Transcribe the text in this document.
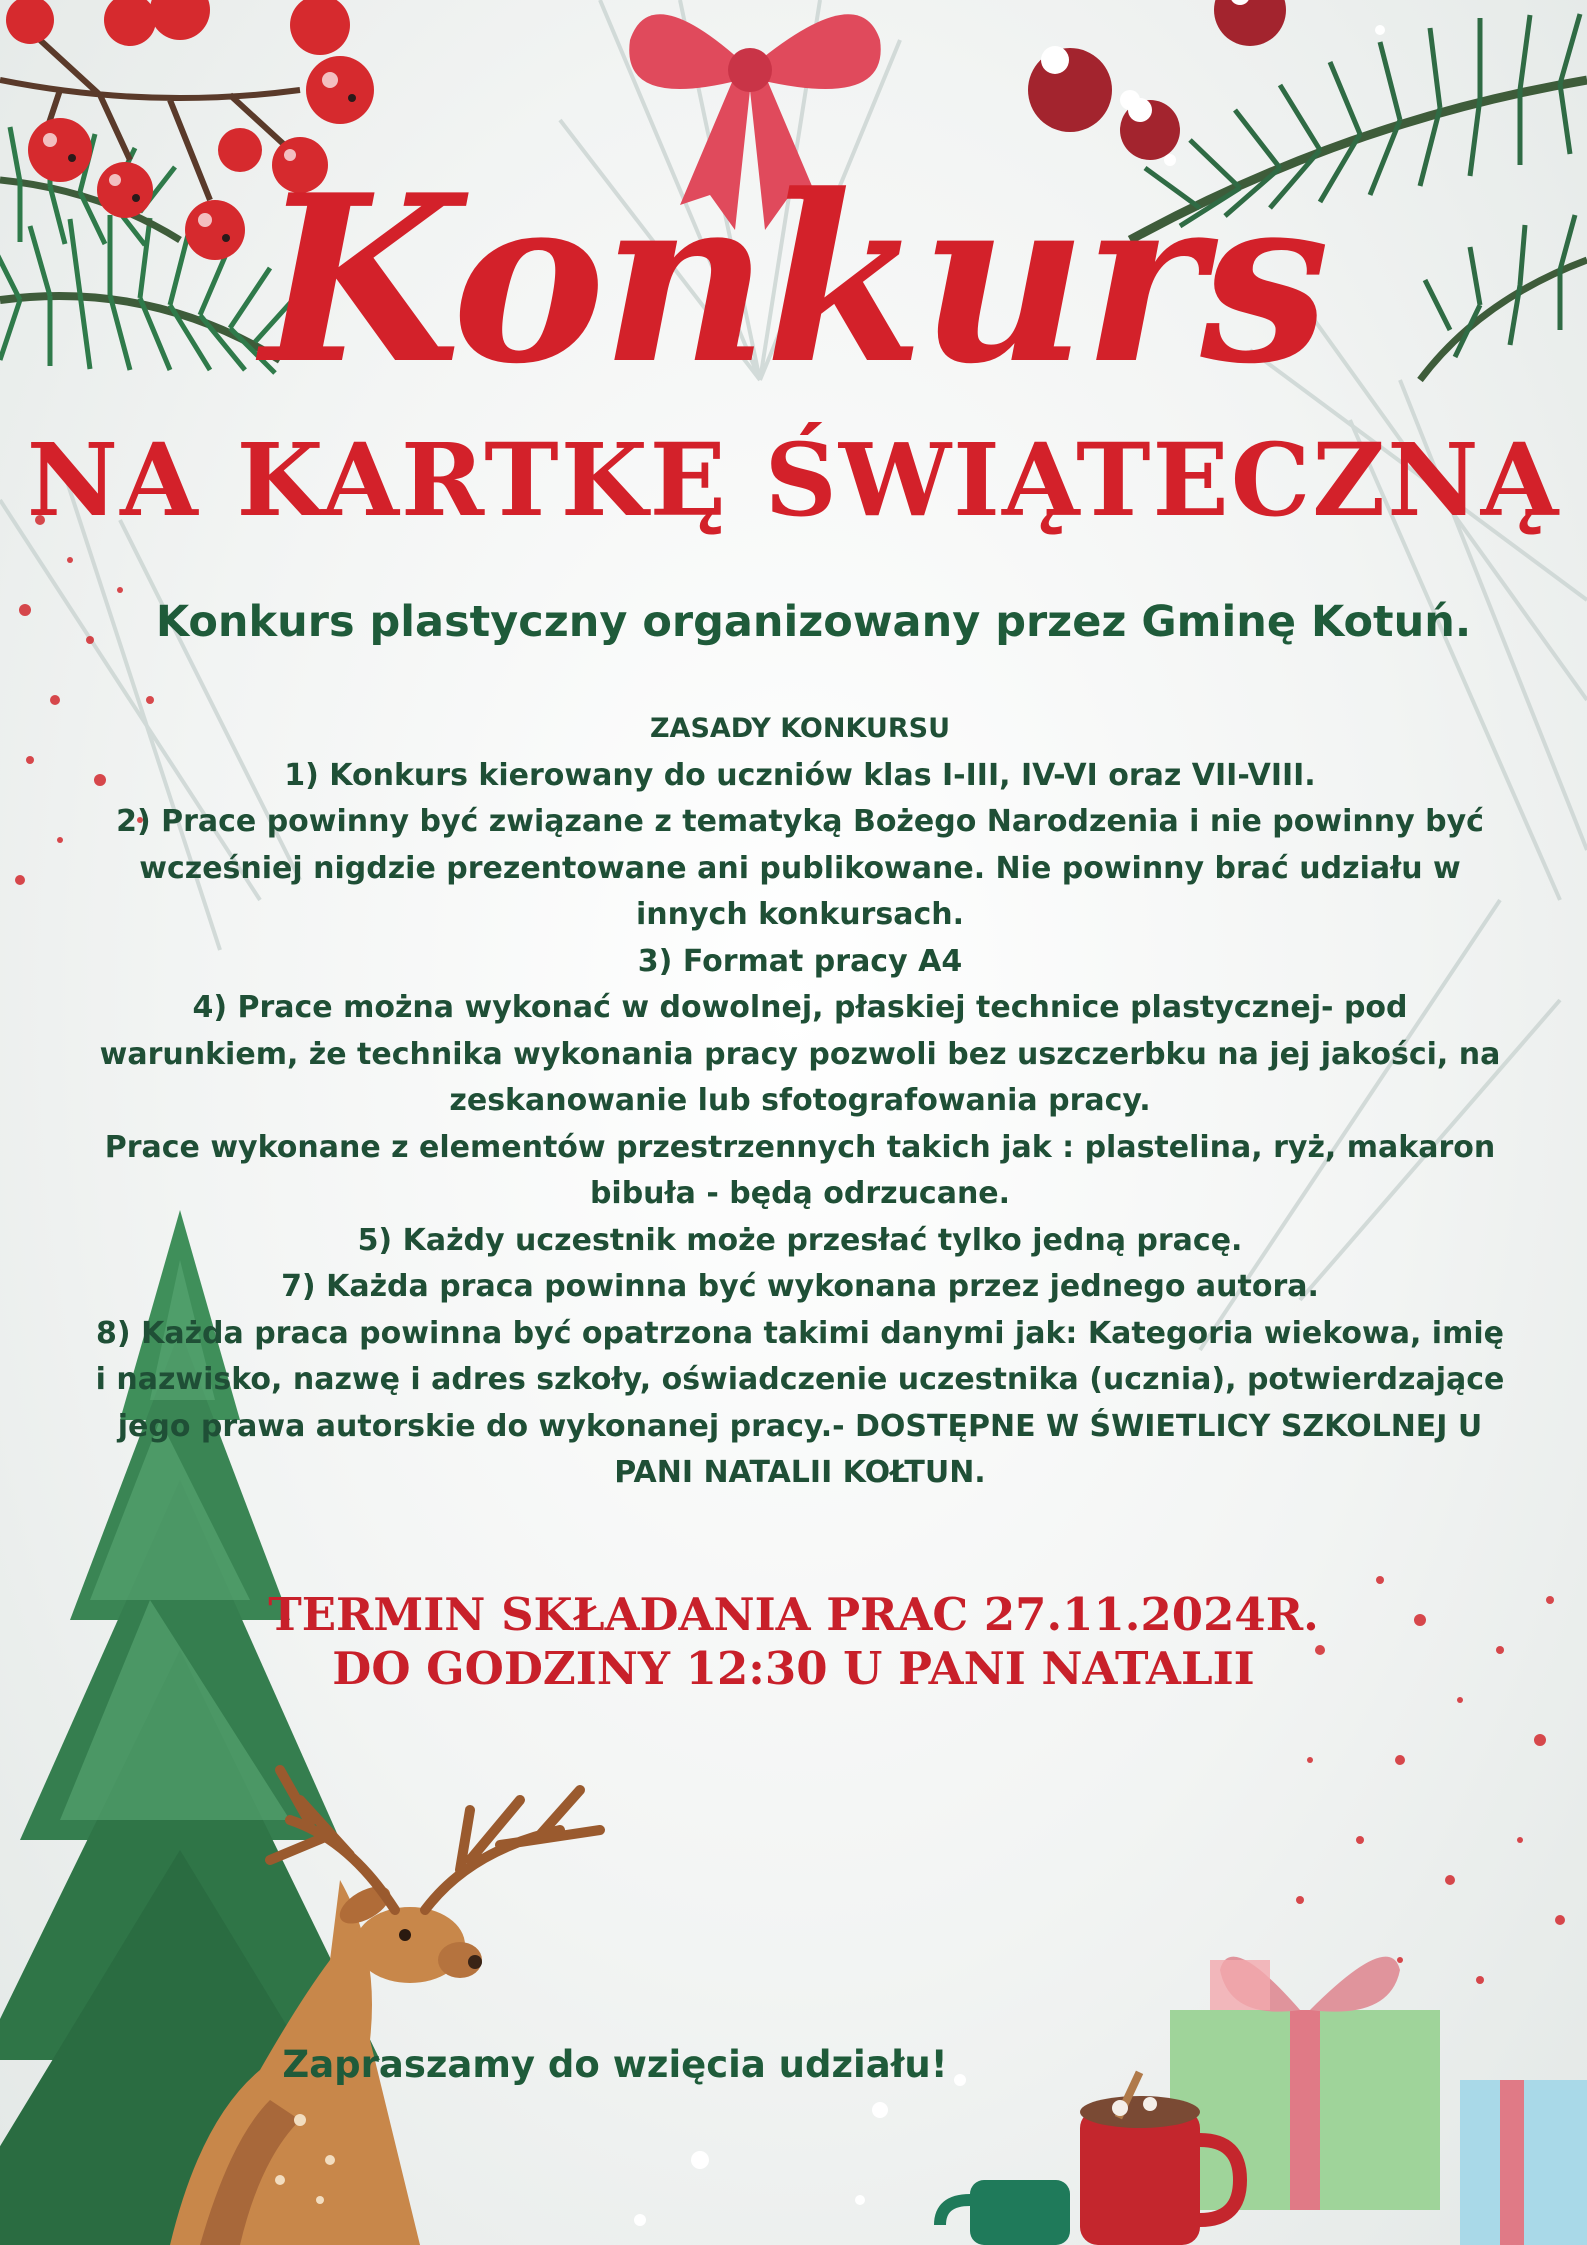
Konkurs
NA KARTKĘ ŚWIĄTECZNĄ
Konkurs plastyczny organizowany przez Gminę Kotuń.

ZASADY KONKURSU

1) Konkurs kierowany do uczniów klas I-III, IV-VI oraz VII-VIII.

2) Prace powinny być związane z tematyką Bożego Narodzenia i nie powinny być wcześniej nigdzie prezentowane ani publikowane. Nie powinny brać udziału w innych konkursach.

3) Format pracy A4

4) Prace można wykonać w dowolnej, płaskiej technice plastycznej- pod warunkiem, że technika wykonania pracy pozwoli bez uszczerbku na jej jakości, na zeskanowanie lub sfotografowania pracy.

Prace wykonane z elementów przestrzennych takich jak : plastelina, ryż, makaron bibuła - będą odrzucane.

5) Każdy uczestnik może przesłać tylko jedną pracę.

7) Każda praca powinna być wykonana przez jednego autora.

8) Każda praca powinna być opatrzona takimi danymi jak: Kategoria wiekowa, imię i nazwisko, nazwę i adres szkoły, oświadczenie uczestnika (ucznia), potwierdzające jego prawa autorskie do wykonanej pracy.- DOSTĘPNE W ŚWIETLICY SZKOLNEJ U PANI NATALII KOŁTUN.

TERMIN SKŁADANIA PRAC 27.11.2024R.

DO GODZINY 12:30 U PANI NATALII

Zapraszamy do wzięcia udziału!
